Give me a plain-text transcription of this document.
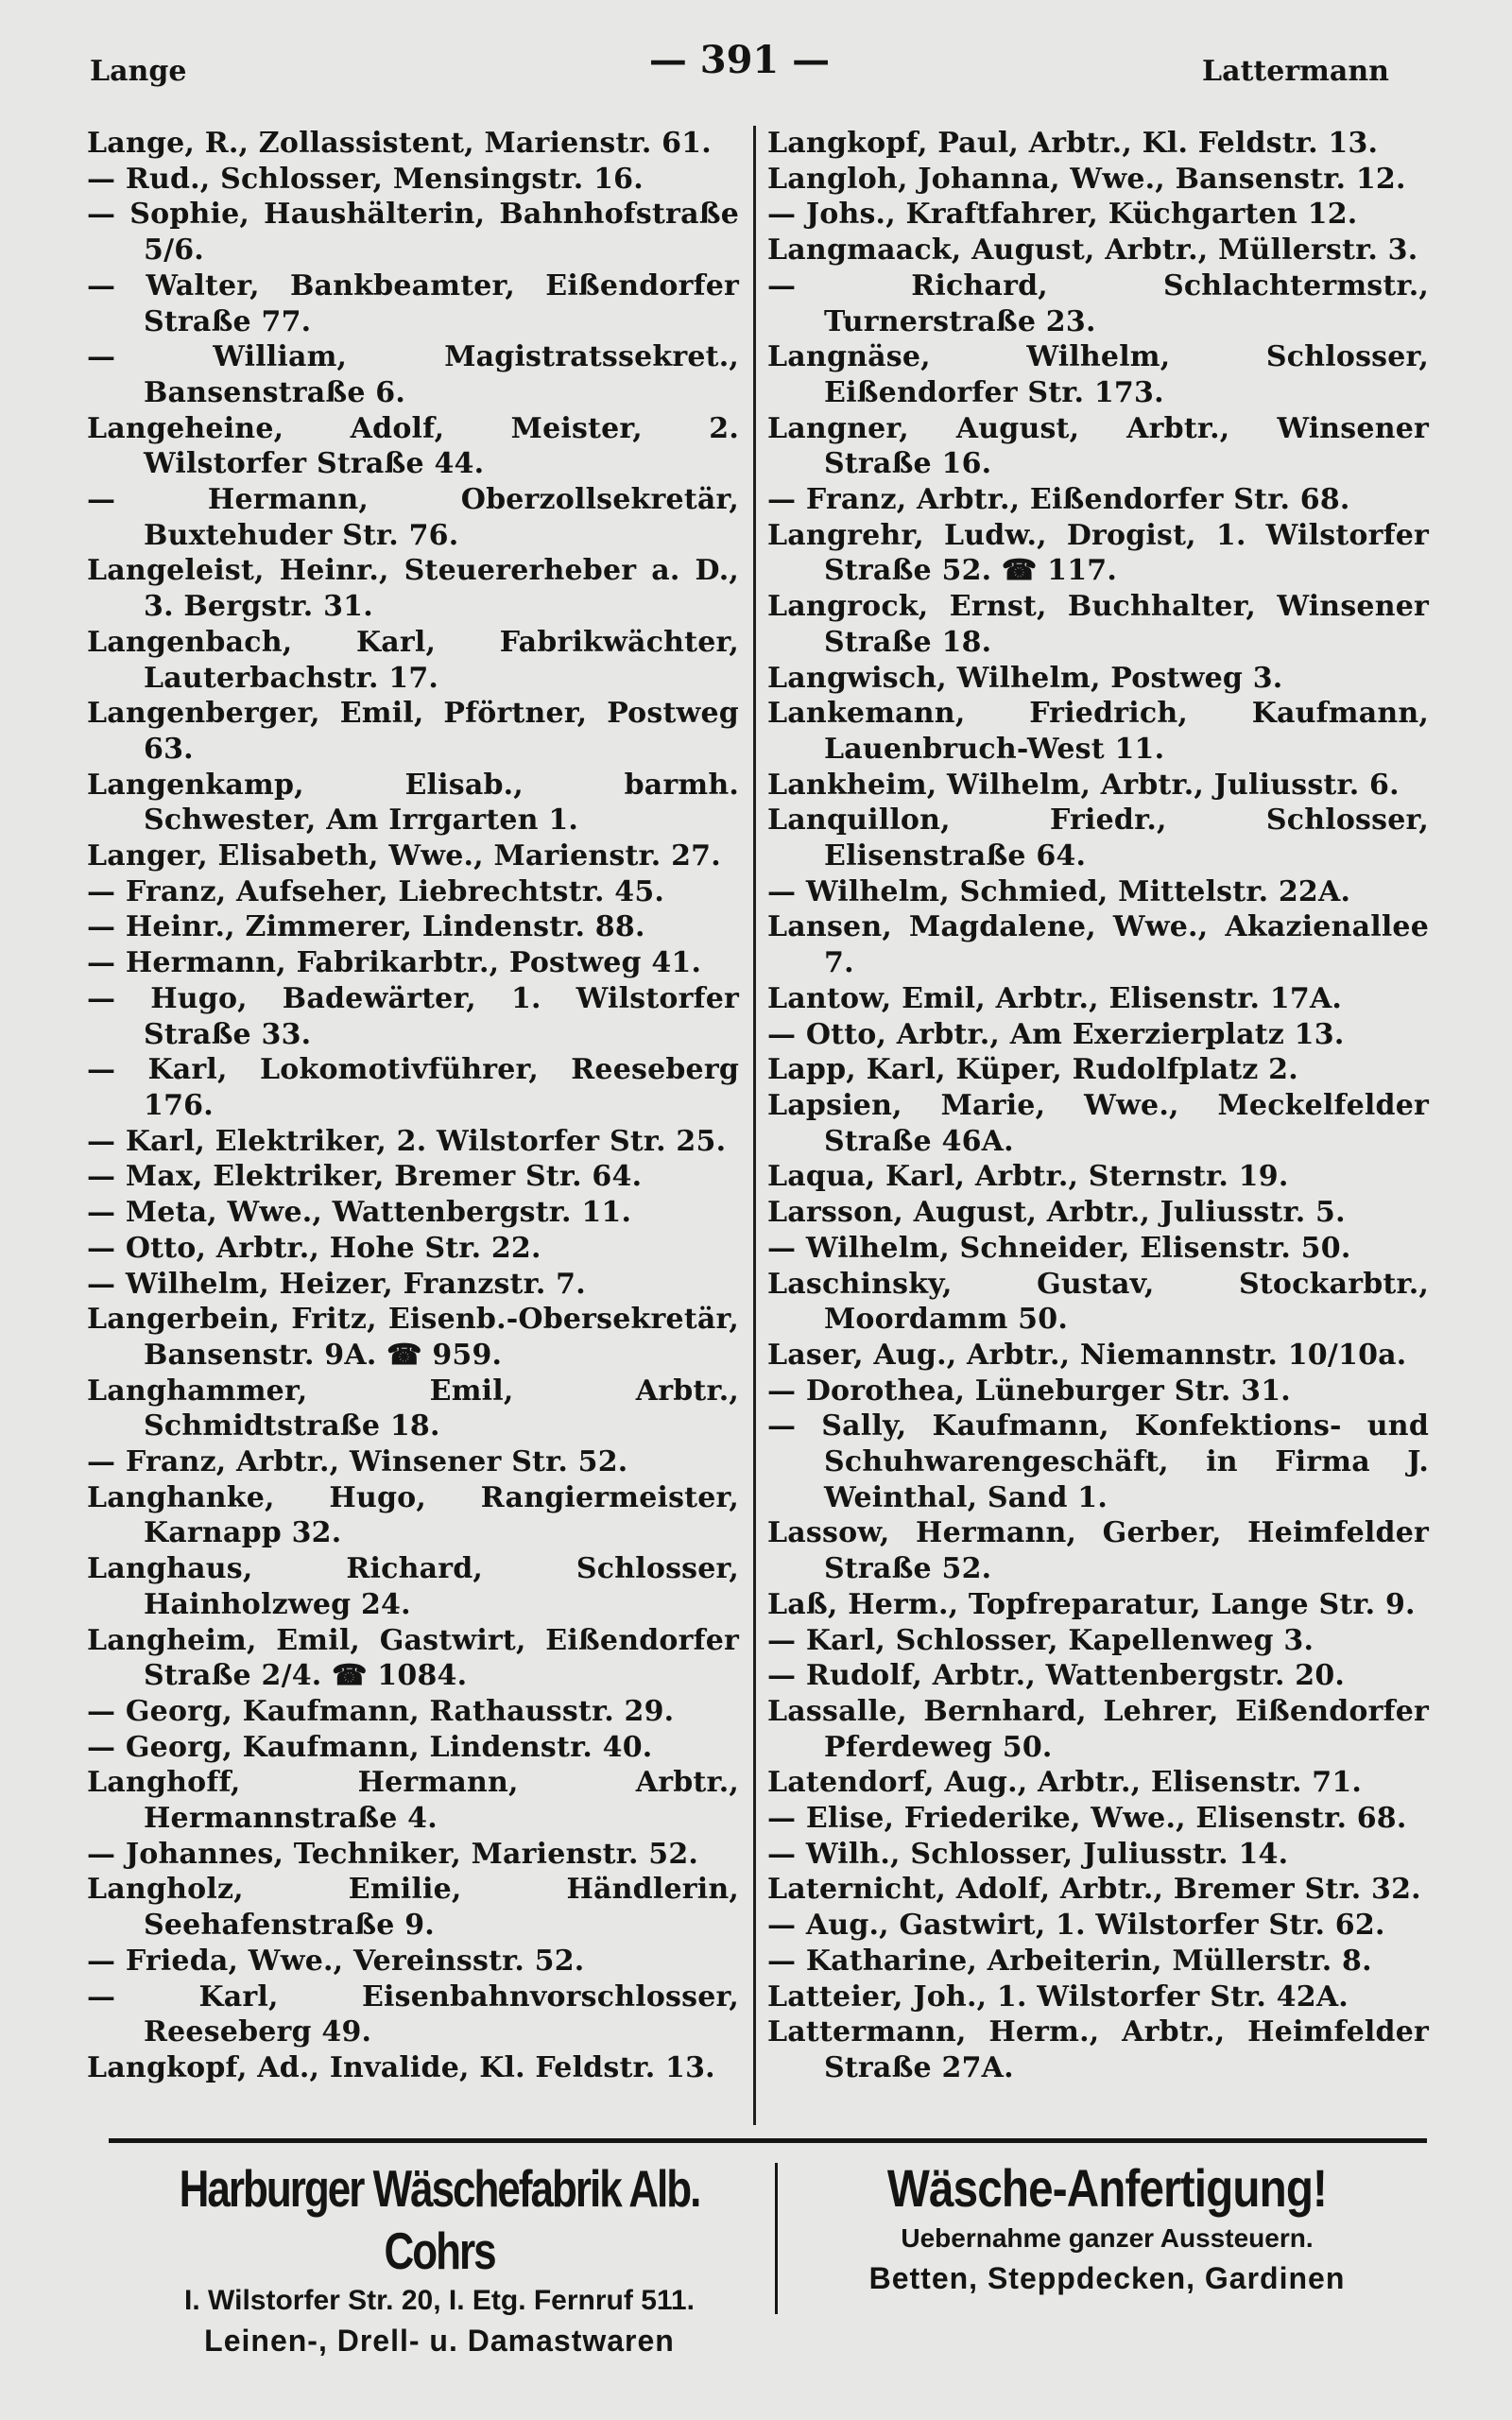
Lange	— 391 —	Lattermann
Lange, R., Zollassistent, Marienstr. 61.
— Rud., Schlosser, Mensingstr. 16.
— Sophie, Haushälterin, Bahnhofstraße 5/6.
— Walter, Bankbeamter, Eißendorfer Straße 77.
— William, Magistratssekret., Bansenstraße 6.
Langeheine, Adolf, Meister, 2. Wilstorfer Straße 44.
— Hermann, Oberzollsekretär, Buxtehuder Str. 76.
Langeleist, Heinr., Steuererheber a. D., 3. Bergstr. 31.
Langenbach, Karl, Fabrikwächter, Lauterbachstr. 17.
Langenberger, Emil, Pförtner, Postweg 63.
Langenkamp, Elisab., barmh. Schwester, Am Irrgarten 1.
Langer, Elisabeth, Wwe., Marienstr. 27.
— Franz, Aufseher, Liebrechtstr. 45.
— Heinr., Zimmerer, Lindenstr. 88.
— Hermann, Fabrikarbtr., Postweg 41.
— Hugo, Badewärter, 1. Wilstorfer Straße 33.
— Karl, Lokomotivführer, Reeseberg 176.
— Karl, Elektriker, 2. Wilstorfer Str. 25.
— Max, Elektriker, Bremer Str. 64.
— Meta, Wwe., Wattenbergstr. 11.
— Otto, Arbtr., Hohe Str. 22.
— Wilhelm, Heizer, Franzstr. 7.
Langerbein, Fritz, Eisenb.-Obersekretär, Bansenstr. 9A. ☎ 959.
Langhammer, Emil, Arbtr., Schmidtstraße 18.
— Franz, Arbtr., Winsener Str. 52.
Langhanke, Hugo, Rangiermeister, Karnapp 32.
Langhaus, Richard, Schlosser, Hainholzweg 24.
Langheim, Emil, Gastwirt, Eißendorfer Straße 2/4. ☎ 1084.
— Georg, Kaufmann, Rathausstr. 29.
— Georg, Kaufmann, Lindenstr. 40.
Langhoff, Hermann, Arbtr., Hermannstraße 4.
— Johannes, Techniker, Marienstr. 52.
Langholz, Emilie, Händlerin, Seehafenstraße 9.
— Frieda, Wwe., Vereinsstr. 52.
— Karl, Eisenbahnvorschlosser, Reeseberg 49.
Langkopf, Ad., Invalide, Kl. Feldstr. 13.
Langkopf, Paul, Arbtr., Kl. Feldstr. 13.
Langloh, Johanna, Wwe., Bansenstr. 12.
— Johs., Kraftfahrer, Küchgarten 12.
Langmaack, August, Arbtr., Müllerstr. 3.
— Richard, Schlachtermstr., Turnerstraße 23.
Langnäse, Wilhelm, Schlosser, Eißendorfer Str. 173.
Langner, August, Arbtr., Winsener Straße 16.
— Franz, Arbtr., Eißendorfer Str. 68.
Langrehr, Ludw., Drogist, 1. Wilstorfer Straße 52. ☎ 117.
Langrock, Ernst, Buchhalter, Winsener Straße 18.
Langwisch, Wilhelm, Postweg 3.
Lankemann, Friedrich, Kaufmann, Lauenbruch-West 11.
Lankheim, Wilhelm, Arbtr., Juliusstr. 6.
Lanquillon, Friedr., Schlosser, Elisenstraße 64.
— Wilhelm, Schmied, Mittelstr. 22A.
Lansen, Magdalene, Wwe., Akazienallee 7.
Lantow, Emil, Arbtr., Elisenstr. 17A.
— Otto, Arbtr., Am Exerzierplatz 13.
Lapp, Karl, Küper, Rudolfplatz 2.
Lapsien, Marie, Wwe., Meckelfelder Straße 46A.
Laqua, Karl, Arbtr., Sternstr. 19.
Larsson, August, Arbtr., Juliusstr. 5.
— Wilhelm, Schneider, Elisenstr. 50.
Laschinsky, Gustav, Stockarbtr., Moordamm 50.
Laser, Aug., Arbtr., Niemannstr. 10/10a.
— Dorothea, Lüneburger Str. 31.
— Sally, Kaufmann, Konfektions- und Schuhwarengeschäft, in Firma J. Weinthal, Sand 1.
Lassow, Hermann, Gerber, Heimfelder Straße 52.
Laß, Herm., Topfreparatur, Lange Str. 9.
— Karl, Schlosser, Kapellenweg 3.
— Rudolf, Arbtr., Wattenbergstr. 20.
Lassalle, Bernhard, Lehrer, Eißendorfer Pferdeweg 50.
Latendorf, Aug., Arbtr., Elisenstr. 71.
— Elise, Friederike, Wwe., Elisenstr. 68.
— Wilh., Schlosser, Juliusstr. 14.
Laternicht, Adolf, Arbtr., Bremer Str. 32.
— Aug., Gastwirt, 1. Wilstorfer Str. 62.
— Katharine, Arbeiterin, Müllerstr. 8.
Latteier, Joh., 1. Wilstorfer Str. 42A.
Lattermann, Herm., Arbtr., Heimfelder Straße 27A.
Harburger Wäschefabrik Alb. Cohrs
I. Wilstorfer Str. 20, I. Etg. Fernruf 511.
Leinen-, Drell- u. Damastwaren
Wäsche-Anfertigung!
Uebernahme ganzer Aussteuern.
Betten, Steppdecken, Gardinen
